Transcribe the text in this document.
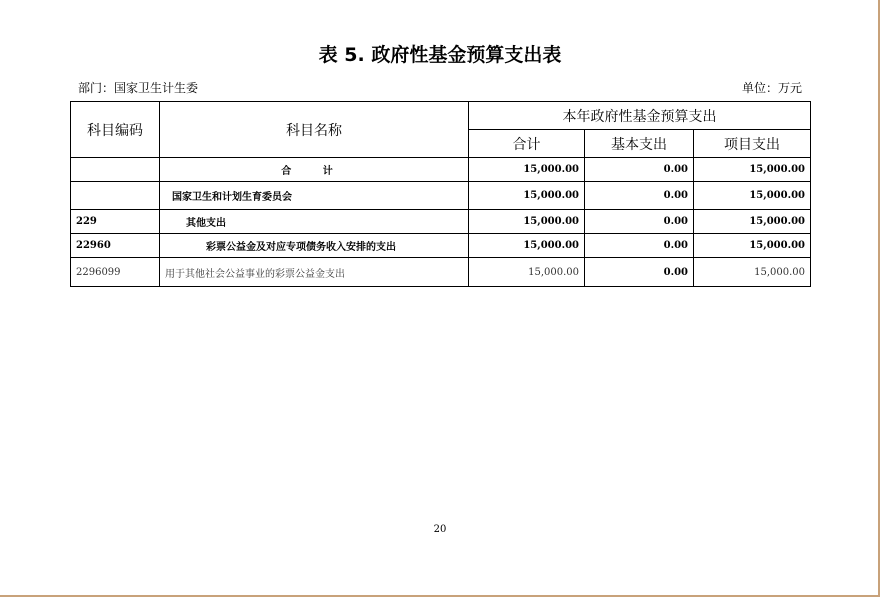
表 5. 政府性基金预算支出表
部门：国家卫生计生委	单位：万元
科目编码	科目名称	本年政府性基金预算支出		
		合计	基本支出	项目支出
	合 计	15,000.00	0.00	15,000.00
	国家卫生和计划生育委员会	15,000.00	0.00	15,000.00
229	其他支出	15,000.00	0.00	15,000.00
22960	彩票公益金及对应专项债务收入安排的支出	15,000.00	0.00	15,000.00
2296099	用于其他社会公益事业的彩票公益金支出	15,000.00	0.00	15,000.00
20
